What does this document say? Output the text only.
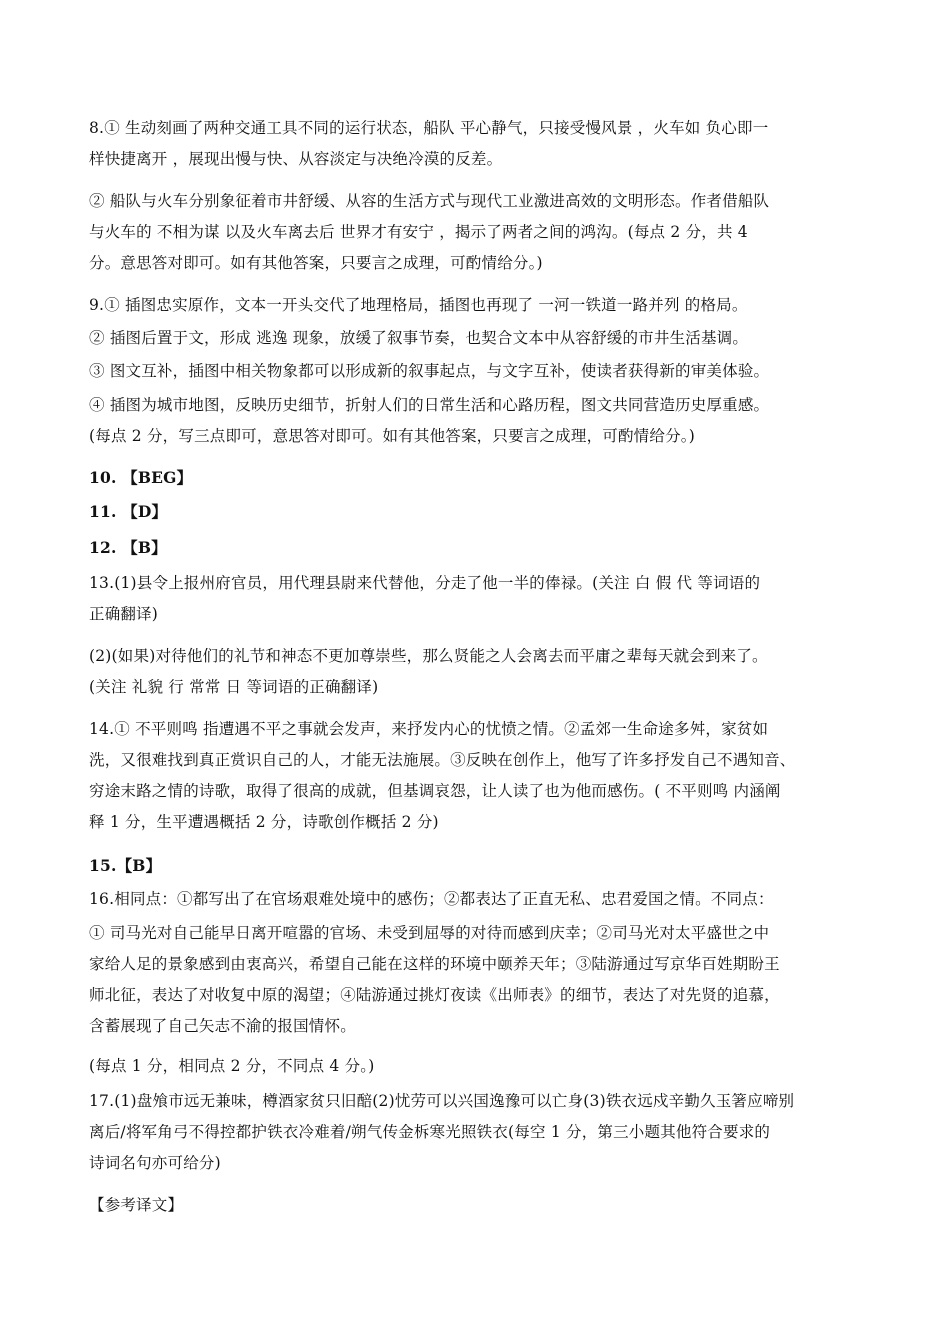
8.① 生动刻画了两种交通工具不同的运行状态，船队 平心静气，只接受慢风景 ，火车如 负心即一
样快捷离开 ，展现出慢与快、从容淡定与决绝冷漠的反差。
② 船队与火车分别象征着市井舒缓、从容的生活方式与现代工业激进高效的文明形态。作者借船队
与火车的 不相为谋 以及火车离去后 世界才有安宁 ，揭示了两者之间的鸿沟。(每点 2 分，共 4
分。意思答对即可。如有其他答案，只要言之成理，可酌情给分。)
9.① 插图忠实原作，文本一开头交代了地理格局，插图也再现了 一河一铁道一路并列 的格局。
② 插图后置于文，形成 逃逸 现象，放缓了叙事节奏，也契合文本中从容舒缓的市井生活基调。
③ 图文互补，插图中相关物象都可以形成新的叙事起点，与文字互补，使读者获得新的审美体验。
④ 插图为城市地图，反映历史细节，折射人们的日常生活和心路历程，图文共同营造历史厚重感。
(每点 2 分，写三点即可，意思答对即可。如有其他答案，只要言之成理，可酌情给分。)
10. 【BEG】
11. 【D】
12. 【B】
13.(1)县令上报州府官员，用代理县尉来代替他，分走了他一半的俸禄。(关注 白 假 代 等词语的
正确翻译)
(2)(如果)对待他们的礼节和神态不更加尊崇些，那么贤能之人会离去而平庸之辈每天就会到来了。
(关注 礼貌 行 常常 日 等词语的正确翻译)
14.① 不平则鸣 指遭遇不平之事就会发声，来抒发内心的忧愤之情。②孟郊一生命途多舛，家贫如
洗，又很难找到真正赏识自己的人，才能无法施展。③反映在创作上，他写了许多抒发自己不遇知音、
穷途末路之情的诗歌，取得了很高的成就，但基调哀怨，让人读了也为他而感伤。( 不平则鸣 内涵阐
释 1 分，生平遭遇概括 2 分，诗歌创作概括 2 分)
15.【B】
16.相同点：①都写出了在官场艰难处境中的感伤；②都表达了正直无私、忠君爱国之情。不同点：
① 司马光对自己能早日离开喧嚣的官场、未受到屈辱的对待而感到庆幸；②司马光对太平盛世之中
家给人足的景象感到由衷高兴，希望自己能在这样的环境中颐养天年；③陆游通过写京华百姓期盼王
师北征，表达了对收复中原的渴望；④陆游通过挑灯夜读《出师表》的细节，表达了对先贤的追慕，
含蓄展现了自己矢志不渝的报国情怀。
(每点 1 分，相同点 2 分，不同点 4 分。)
17.(1)盘飧市远无兼味，樽酒家贫只旧醅(2)忧劳可以兴国逸豫可以亡身(3)铁衣远戍辛勤久玉箸应啼别
离后/将军角弓不得控都护铁衣冷难着/朔气传金柝寒光照铁衣(每空 1 分，第三小题其他符合要求的
诗词名句亦可给分)
【参考译文】
